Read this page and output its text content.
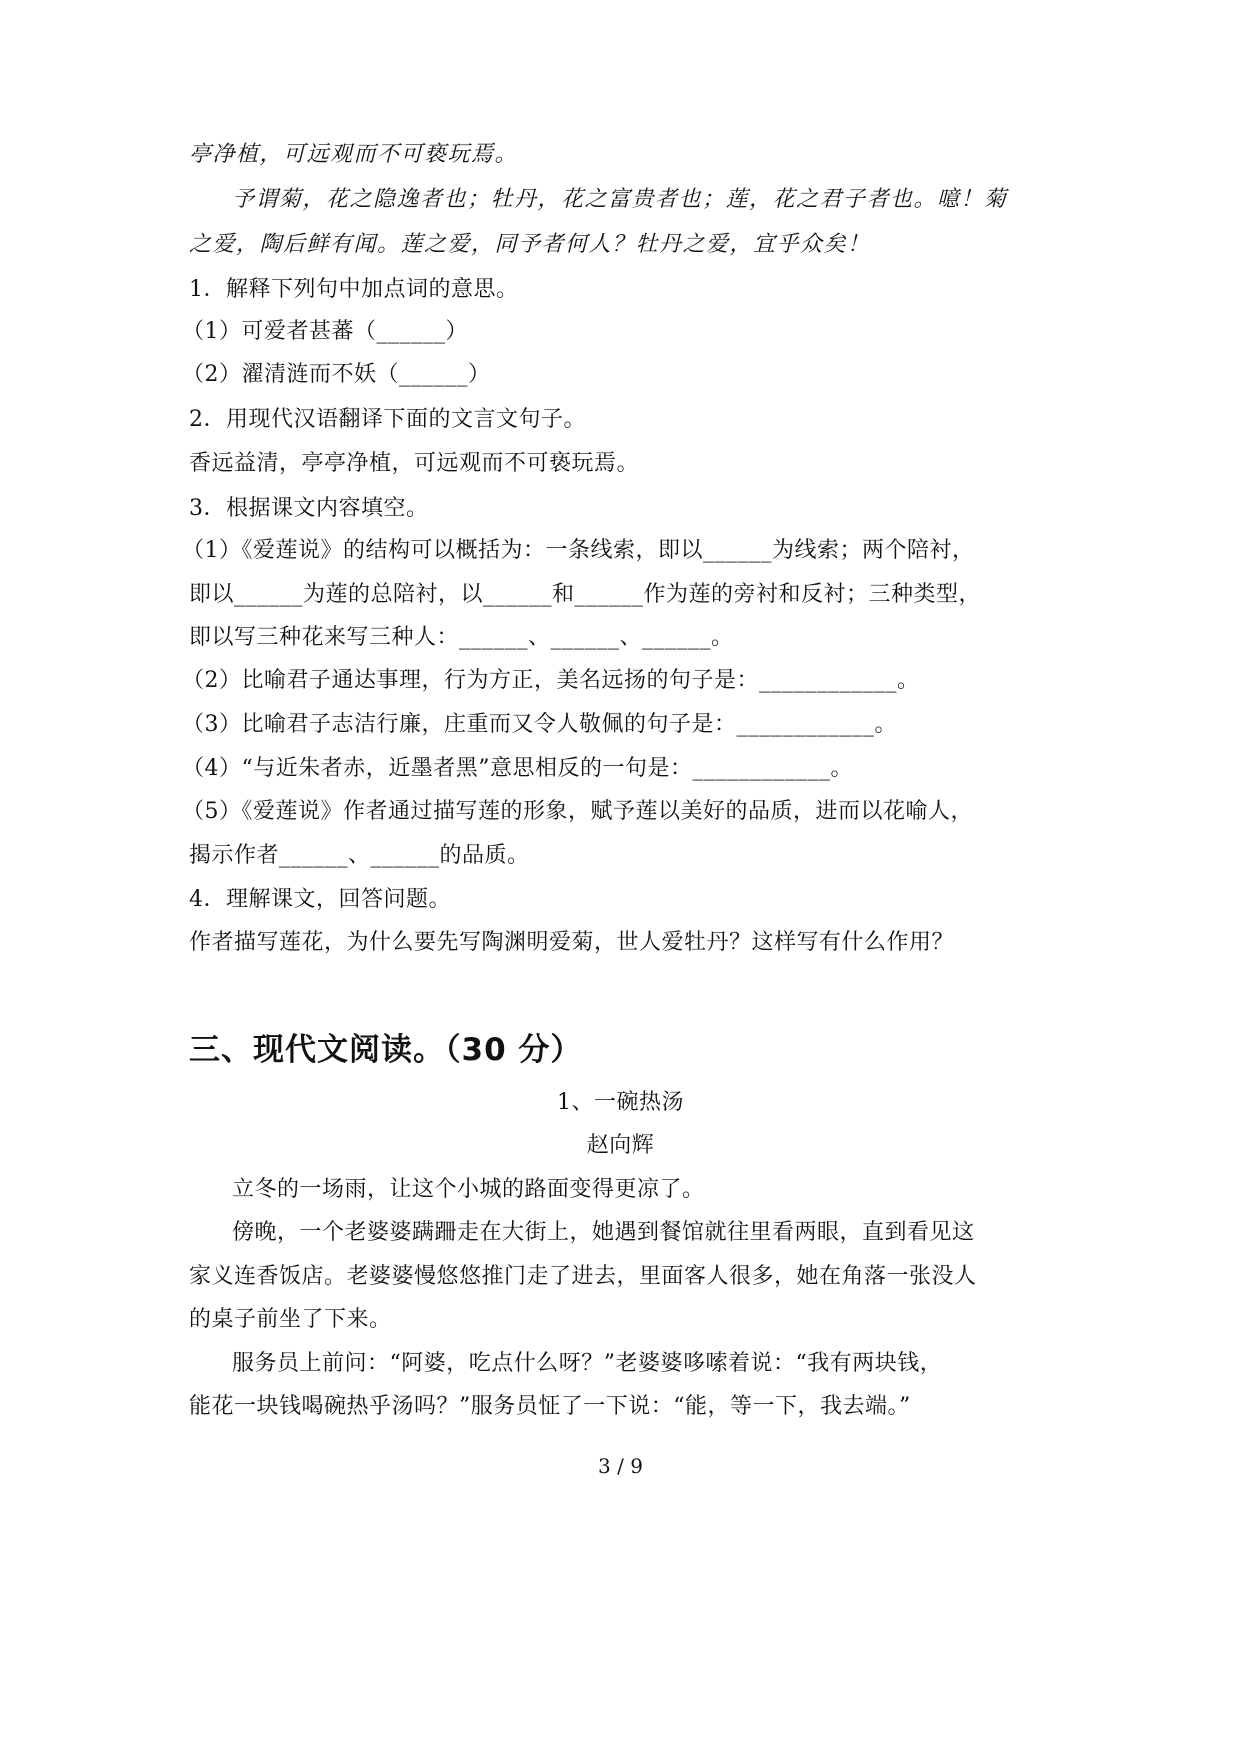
亭净植，可远观而不可亵玩焉。
予谓菊，花之隐逸者也；牡丹，花之富贵者也；莲，花之君子者也。噫！菊
之爱，陶后鲜有闻。莲之爱，同予者何人？牡丹之爱，宜乎众矣！
1．解释下列句中加点词的意思。
（1）可爱者甚蕃（______）
（2）濯清涟而不妖（______）
2．用现代汉语翻译下面的文言文句子。
香远益清，亭亭净植，可远观而不可亵玩焉。
3．根据课文内容填空。
（1）《爱莲说》的结构可以概括为：一条线索，即以______为线索；两个陪衬，
即以______为莲的总陪衬，以______和______作为莲的旁衬和反衬；三种类型，
即以写三种花来写三种人：______、______、______。
（2）比喻君子通达事理，行为方正，美名远扬的句子是：____________。
（3）比喻君子志洁行廉，庄重而又令人敬佩的句子是：____________。
（4）“与近朱者赤，近墨者黑”意思相反的一句是：____________。
（5）《爱莲说》作者通过描写莲的形象，赋予莲以美好的品质，进而以花喻人，
揭示作者______、______的品质。
4．理解课文，回答问题。
作者描写莲花，为什么要先写陶渊明爱菊，世人爱牡丹？这样写有什么作用？
三、现代文阅读。（30 分）
1、一碗热汤
赵向辉
立冬的一场雨，让这个小城的路面变得更凉了。
傍晚，一个老婆婆蹒跚走在大街上，她遇到餐馆就往里看两眼，直到看见这
家义连香饭店。老婆婆慢悠悠推门走了进去，里面客人很多，她在角落一张没人
的桌子前坐了下来。
服务员上前问：“阿婆，吃点什么呀？”老婆婆哆嗦着说：“我有两块钱，
能花一块钱喝碗热乎汤吗？”服务员怔了一下说：“能，等一下，我去端。”
3 / 9
